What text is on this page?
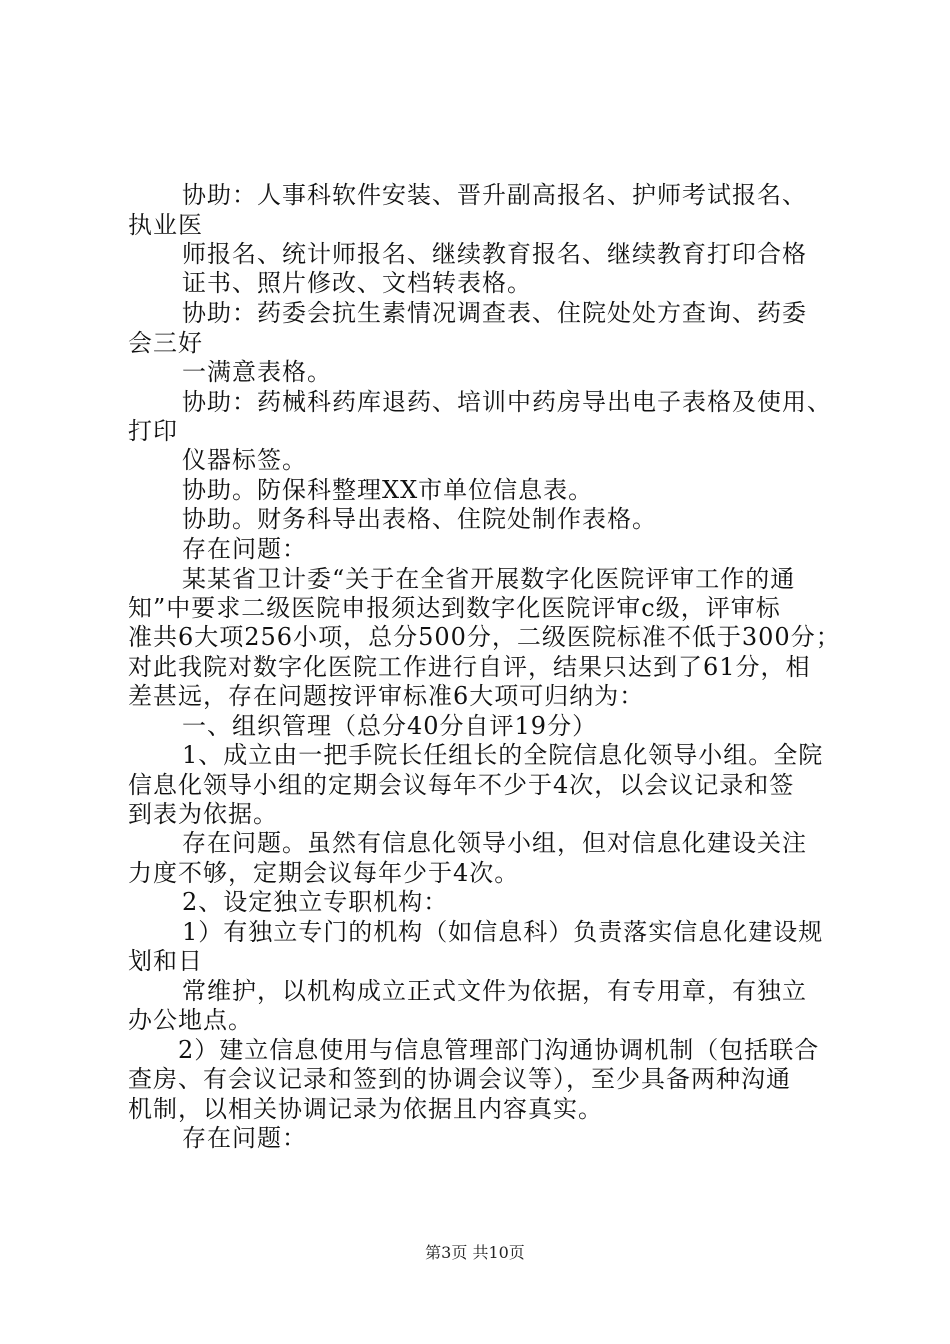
协助：人事科软件安装、晋升副高报名、护师考试报名、
执业医
师报名、统计师报名、继续教育报名、继续教育打印合格
证书、照片修改、文档转表格。
协助：药委会抗生素情况调查表、住院处处方查询、药委
会三好
一满意表格。
协助：药械科药库退药、培训中药房导出电子表格及使用、
打印
仪器标签。
协助。防保科整理XX市单位信息表。
协助。财务科导出表格、住院处制作表格。
存在问题：
某某省卫计委“关于在全省开展数字化医院评审工作的通
知”中要求二级医院申报须达到数字化医院评审c级，评审标
准共6大项256小项，总分500分，二级医院标准不低于300分；
对此我院对数字化医院工作进行自评，结果只达到了61分，相
差甚远，存在问题按评审标准6大项可归纳为：
一、组织管理（总分40分自评19分）
1、成立由一把手院长任组长的全院信息化领导小组。全院
信息化领导小组的定期会议每年不少于4次，以会议记录和签
到表为依据。
存在问题。虽然有信息化领导小组，但对信息化建设关注
力度不够，定期会议每年少于4次。
2、设定独立专职机构：
1）有独立专门的机构（如信息科）负责落实信息化建设规
划和日
常维护，以机构成立正式文件为依据，有专用章，有独立
办公地点。
2）建立信息使用与信息管理部门沟通协调机制（包括联合
查房、有会议记录和签到的协调会议等），至少具备两种沟通
机制，以相关协调记录为依据且内容真实。
存在问题：
第3页 共10页
